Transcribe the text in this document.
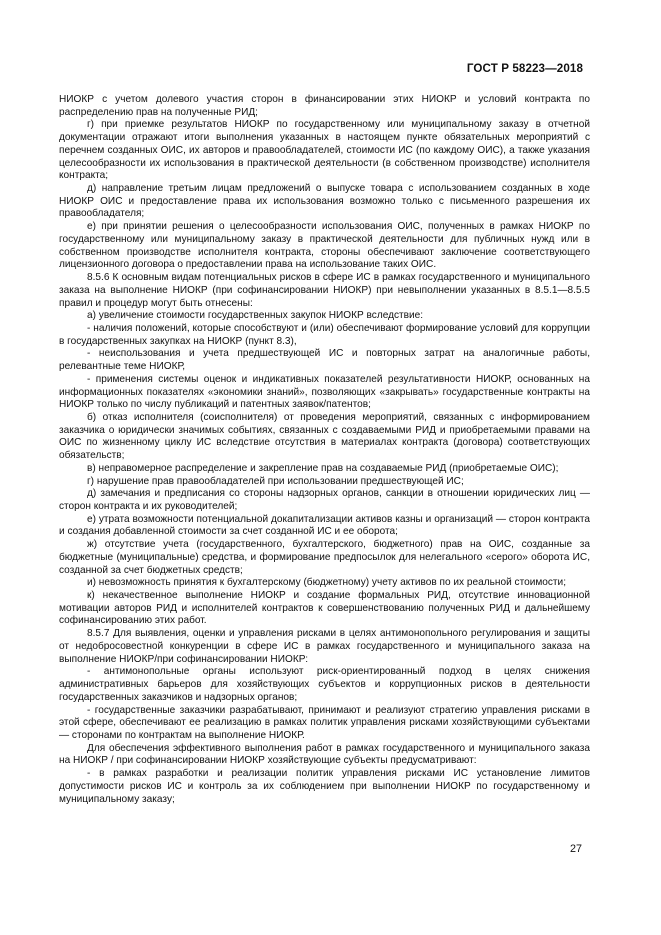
ГОСТ Р 58223—2018

НИОКР с учетом долевого участия сторон в финансировании этих НИОКР и условий контракта по распределению прав на полученные РИД;

г) при приемке результатов НИОКР по государственному или муниципальному заказу в отчетной документации отражают итоги выполнения указанных в настоящем пункте обязательных мероприятий с перечнем созданных ОИС, их авторов и правообладателей, стоимости ИС (по каждому ОИС), а также указания целесообразности их использования в практической деятельности (в собственном производстве) исполнителя контракта;

д) направление третьим лицам предложений о выпуске товара с использованием созданных в ходе НИОКР ОИС и предоставление права их использования возможно только с письменного разрешения их правообладателя;

е) при принятии решения о целесообразности использования ОИС, полученных в рамках НИОКР по государственному или муниципальному заказу в практической деятельности для публичных нужд или в собственном производстве исполнителя контракта, стороны обеспечивают заключение соответствующего лицензионного договора о предоставлении права на использование таких ОИС.

8.5.6 К основным видам потенциальных рисков в сфере ИС в рамках государственного и муниципального заказа на выполнение НИОКР (при софинансировании НИОКР) при невыполнении указанных в 8.5.1—8.5.5 правил и процедур могут быть отнесены:

а) увеличение стоимости государственных закупок НИОКР вследствие:

- наличия положений, которые способствуют и (или) обеспечивают формирование условий для коррупции в государственных закупках на НИОКР (пункт 8.3),

- неиспользования и учета предшествующей ИС и повторных затрат на аналогичные работы, релевантные теме НИОКР,

- применения системы оценок и индикативных показателей результативности НИОКР, основанных на информационных показателях «экономики знаний», позволяющих «закрывать» государственные контракты на НИОКР только по числу публикаций и патентных заявок/патентов;

б) отказ исполнителя (соисполнителя) от проведения мероприятий, связанных с информированием заказчика о юридически значимых событиях, связанных с создаваемыми РИД и приобретаемыми правами на ОИС по жизненному циклу ИС вследствие отсутствия в материалах контракта (договора) соответствующих обязательств;

в) неправомерное распределение и закрепление прав на создаваемые РИД (приобретаемые ОИС);

г) нарушение прав правообладателей при использовании предшествующей ИС;

д) замечания и предписания со стороны надзорных органов, санкции в отношении юридических лиц — сторон контракта и их руководителей;

е) утрата возможности потенциальной докапитализации активов казны и организаций — сторон контракта и создания добавленной стоимости за счет созданной ИС и ее оборота;

ж) отсутствие учета (государственного, бухгалтерского, бюджетного) прав на ОИС, созданные за бюджетные (муниципальные) средства, и формирование предпосылок для нелегального «серого» оборота ИС, созданной за счет бюджетных средств;

и) невозможность принятия к бухгалтерскому (бюджетному) учету активов по их реальной стоимости;

к) некачественное выполнение НИОКР и создание формальных РИД, отсутствие инновационной мотивации авторов РИД и исполнителей контрактов к совершенствованию полученных РИД и дальнейшему софинансированию этих работ.

8.5.7 Для выявления, оценки и управления рисками в целях антимонопольного регулирования и защиты от недобросовестной конкуренции в сфере ИС в рамках государственного и муниципального заказа на выполнение НИОКР/при софинансировании НИОКР:

- антимонопольные органы используют риск-ориентированный подход в целях снижения административных барьеров для хозяйствующих субъектов и коррупционных рисков в деятельности государственных заказчиков и надзорных органов;

- государственные заказчики разрабатывают, принимают и реализуют стратегию управления рисками в этой сфере, обеспечивают ее реализацию в рамках политик управления рисками хозяйствующими субъектами — сторонами по контрактам на выполнение НИОКР.

Для обеспечения эффективного выполнения работ в рамках государственного и муниципального заказа на НИОКР / при софинансировании НИОКР хозяйствующие субъекты предусматривают:

- в рамках разработки и реализации политик управления рисками ИС установление лимитов допустимости рисков ИС и контроль за их соблюдением при выполнении НИОКР по государственному и муниципальному заказу;

27
